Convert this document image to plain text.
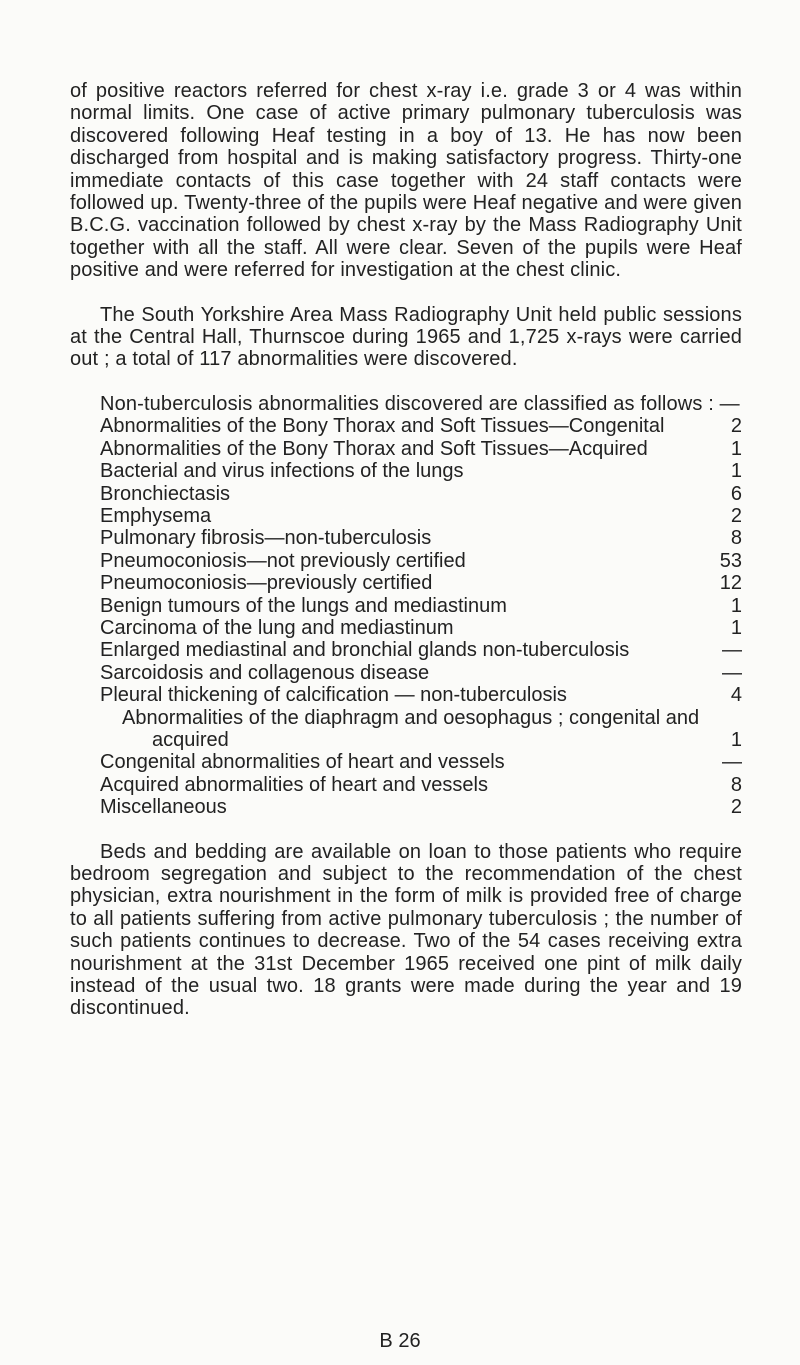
of positive reactors referred for chest x-ray i.e. grade 3 or 4 was within normal limits. One case of active primary pulmonary tuberculosis was discovered following Heaf testing in a boy of 13. He has now been discharged from hospital and is making satisfactory progress. Thirty-one immediate contacts of this case together with 24 staff contacts were followed up. Twenty-three of the pupils were Heaf negative and were given B.C.G. vaccination followed by chest x-ray by the Mass Radiography Unit together with all the staff. All were clear. Seven of the pupils were Heaf positive and were referred for investigation at the chest clinic.

The South Yorkshire Area Mass Radiography Unit held public sessions at the Central Hall, Thurnscoe during 1965 and 1,725 x-rays were carried out ; a total of 117 abnormalities were discovered.

Non-tuberculosis abnormalities discovered are classified as follows : —

Abnormalities of the Bony Thorax and Soft Tissues—Congenital	2

Abnormalities of the Bony Thorax and Soft Tissues—Acquired	1

Bacterial and virus infections of the lungs	1

Bronchiectasis	6

Emphysema	2

Pulmonary fibrosis—non-tuberculosis	8

Pneumoconiosis—not previously certified	53

Pneumoconiosis—previously certified	12

Benign tumours of the lungs and mediastinum	1

Carcinoma of the lung and mediastinum	1

Enlarged mediastinal and bronchial glands non-tuberculosis	—

Sarcoidosis and collagenous disease	—

Pleural thickening of calcification — non-tuberculosis	4

Abnormalities of the diaphragm and oesophagus ; congenital and acquired	1

Congenital abnormalities of heart and vessels	—

Acquired abnormalities of heart and vessels	8

Miscellaneous	2

Beds and bedding are available on loan to those patients who require bedroom segregation and subject to the recommendation of the chest physician, extra nourishment in the form of milk is provided free of charge to all patients suffering from active pulmonary tuberculosis ; the number of such patients continues to decrease. Two of the 54 cases receiving extra nourishment at the 31st December 1965 received one pint of milk daily instead of the usual two. 18 grants were made during the year and 19 discontinued.

B 26
